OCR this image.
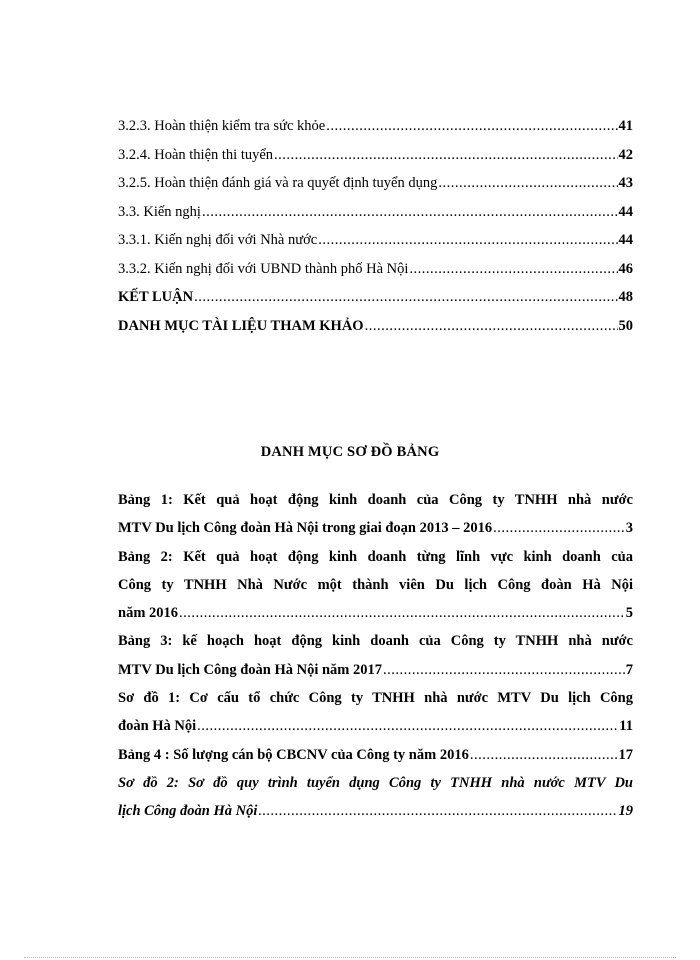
3.2.3. Hoàn thiện kiểm tra sức khỏe .....	41
3.2.4. Hoàn thiện thi tuyển .....	42
3.2.5. Hoàn thiện đánh giá và ra quyết định tuyển dụng .....	43
3.3. Kiến nghị .....	44
3.3.1. Kiến nghị đối với Nhà nước .....	44
3.3.2. Kiến nghị đối với UBND thành phố Hà Nội .....	46
KẾT LUẬN .....	48
DANH MỤC TÀI LIỆU THAM KHẢO .....	50
DANH MỤC SƠ ĐỒ BẢNG
Bảng 1: Kết quả hoạt động kinh doanh của Công ty TNHH nhà nước
MTV Du lịch Công đoàn Hà Nội trong giai đoạn 2013 – 2016 .....	3
Bảng 2: Kết quả hoạt động kinh doanh từng lĩnh vực kinh doanh của
Công ty TNHH Nhà Nước một thành viên Du lịch Công đoàn Hà Nội
năm 2016 .....	5
Bảng 3: kế hoạch hoạt động kinh doanh của Công ty TNHH nhà nước
MTV Du lịch Công đoàn Hà Nội năm 2017 .....	7
Sơ đồ 1: Cơ cấu tổ chức Công ty TNHH nhà nước MTV Du lịch Công
đoàn Hà Nội .....	11
Bảng 4 : Số lượng cán bộ CBCNV của Công ty năm 2016 .....	17
Sơ đồ 2: Sơ đồ quy trình tuyển dụng Công ty TNHH nhà nước MTV Du
lịch Công đoàn Hà Nội .....	19
